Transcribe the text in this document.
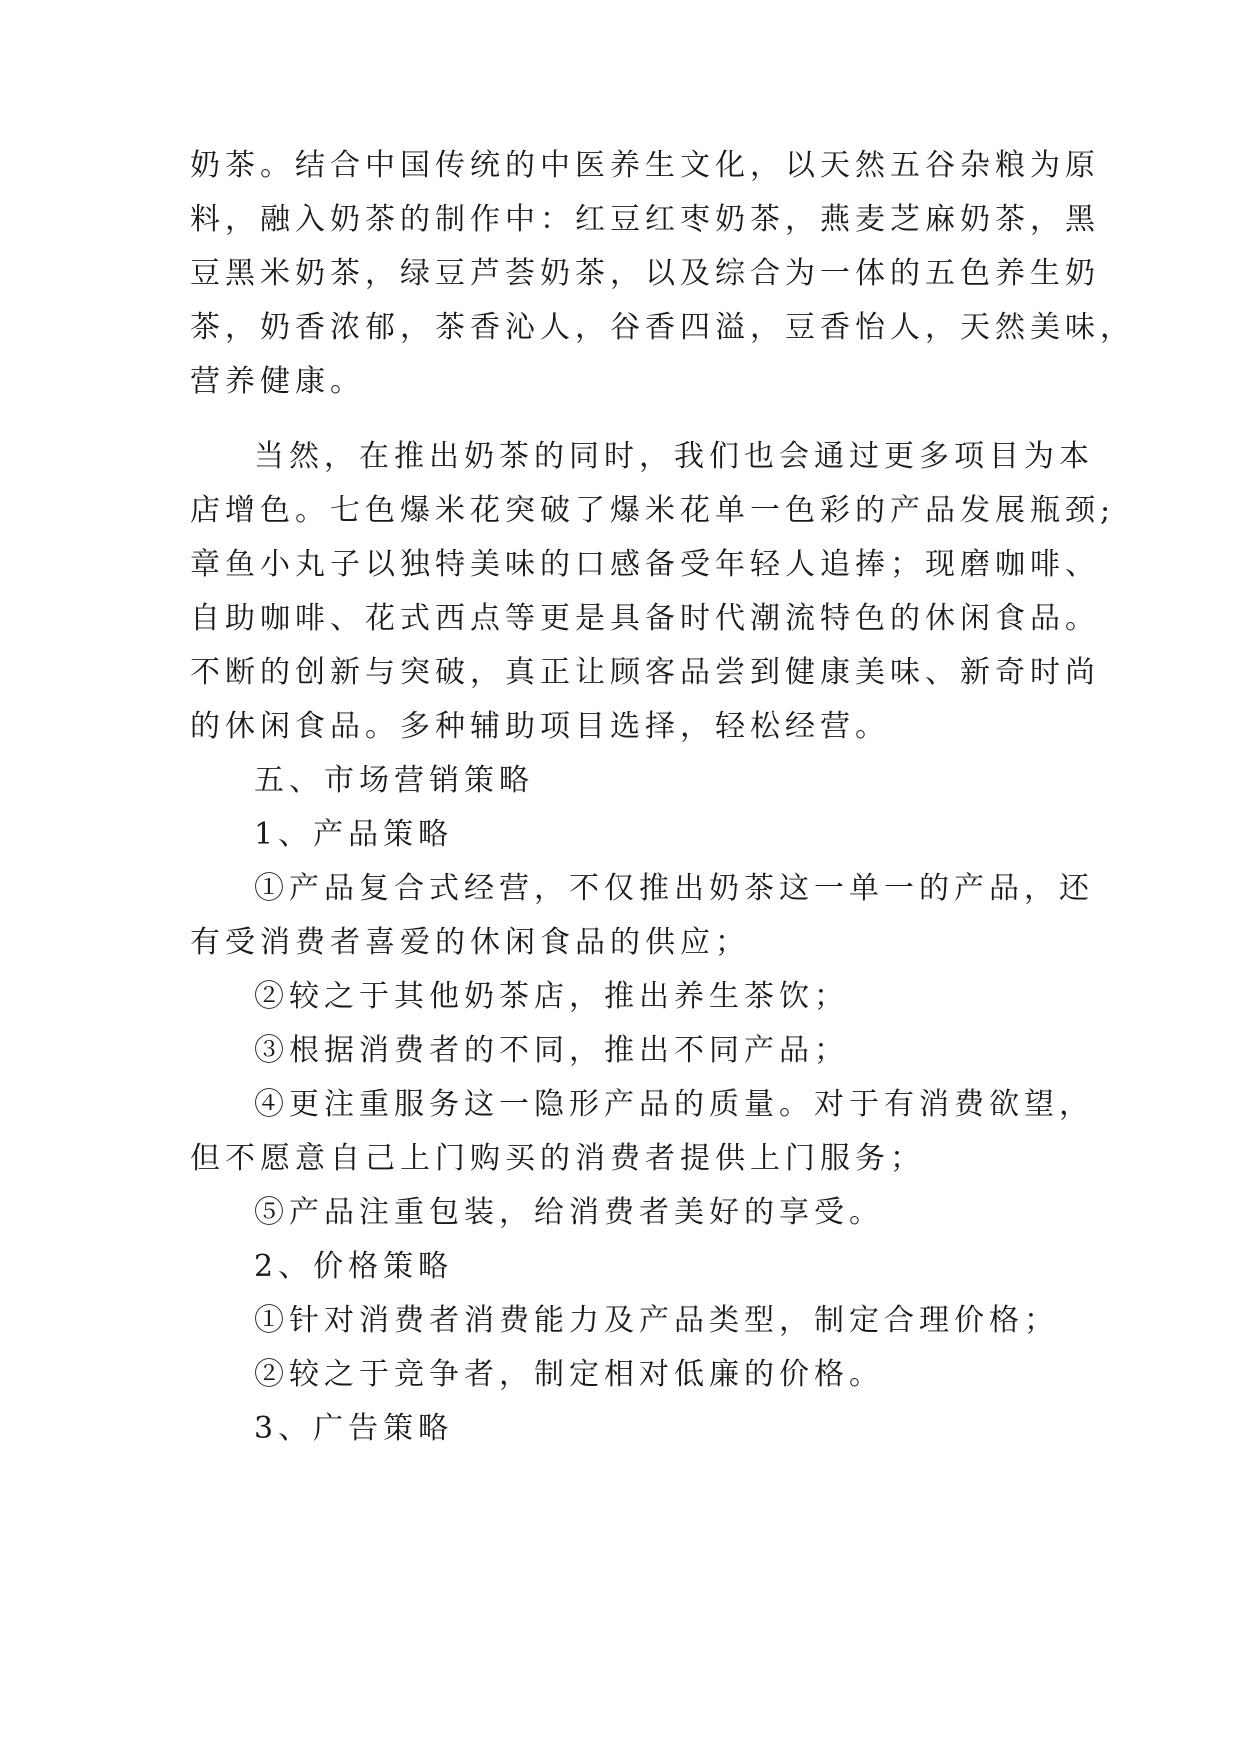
奶茶。结合中国传统的中医养生文化，以天然五谷杂粮为原
料，融入奶茶的制作中：红豆红枣奶茶，燕麦芝麻奶茶，黑
豆黑米奶茶，绿豆芦荟奶茶，以及综合为一体的五色养生奶
茶，奶香浓郁，茶香沁人，谷香四溢，豆香怡人，天然美味，
营养健康。
当然，在推出奶茶的同时，我们也会通过更多项目为本
店增色。七色爆米花突破了爆米花单一色彩的产品发展瓶颈;
章鱼小丸子以独特美味的口感备受年轻人追捧；现磨咖啡、
自助咖啡、花式西点等更是具备时代潮流特色的休闲食品。
不断的创新与突破，真正让顾客品尝到健康美味、新奇时尚
的休闲食品。多种辅助项目选择，轻松经营。
五、市场营销策略
1、产品策略
①产品复合式经营，不仅推出奶茶这一单一的产品，还
有受消费者喜爱的休闲食品的供应；
②较之于其他奶茶店，推出养生茶饮；
③根据消费者的不同，推出不同产品；
④更注重服务这一隐形产品的质量。对于有消费欲望，
但不愿意自己上门购买的消费者提供上门服务；
⑤产品注重包装，给消费者美好的享受。
2、价格策略
①针对消费者消费能力及产品类型，制定合理价格；
②较之于竞争者，制定相对低廉的价格。
3、广告策略
